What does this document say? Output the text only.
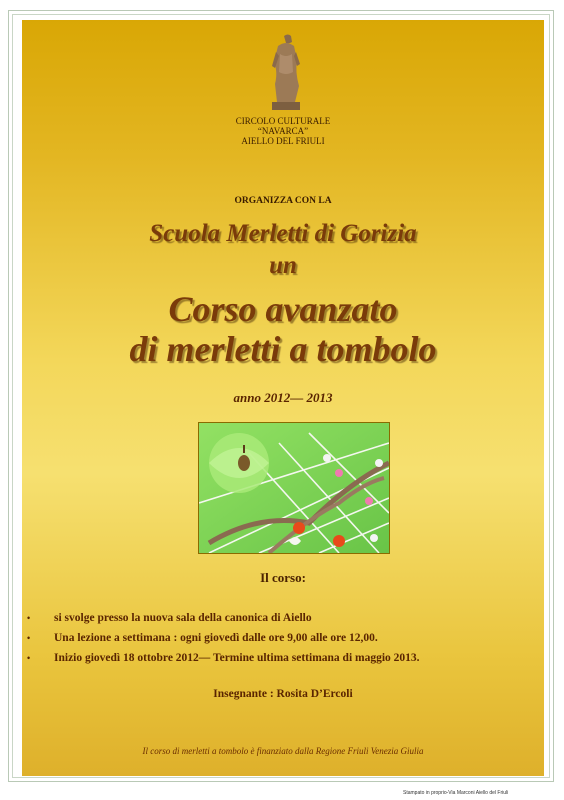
CIRCOLO CULTURALE
“NAVARCA”
AIELLO DEL FRIULI
ORGANIZZA CON LA
Scuola Merletti di Gorizia
un
Corso avanzato
di merletti a tombolo
anno 2012— 2013
Il corso:
• si svolge presso la nuova sala della canonica di Aiello
• Una lezione a settimana : ogni giovedì dalle ore 9,00 alle ore 12,00.
• Inizio giovedì 18 ottobre 2012— Termine ultima settimana di maggio 2013.
Insegnante : Rosita D’Ercoli
Il corso di merletti a tombolo è finanziato dalla Regione Friuli Venezia Giulia
Stampato in proprio-Via Marconi Aiello del Friuli
